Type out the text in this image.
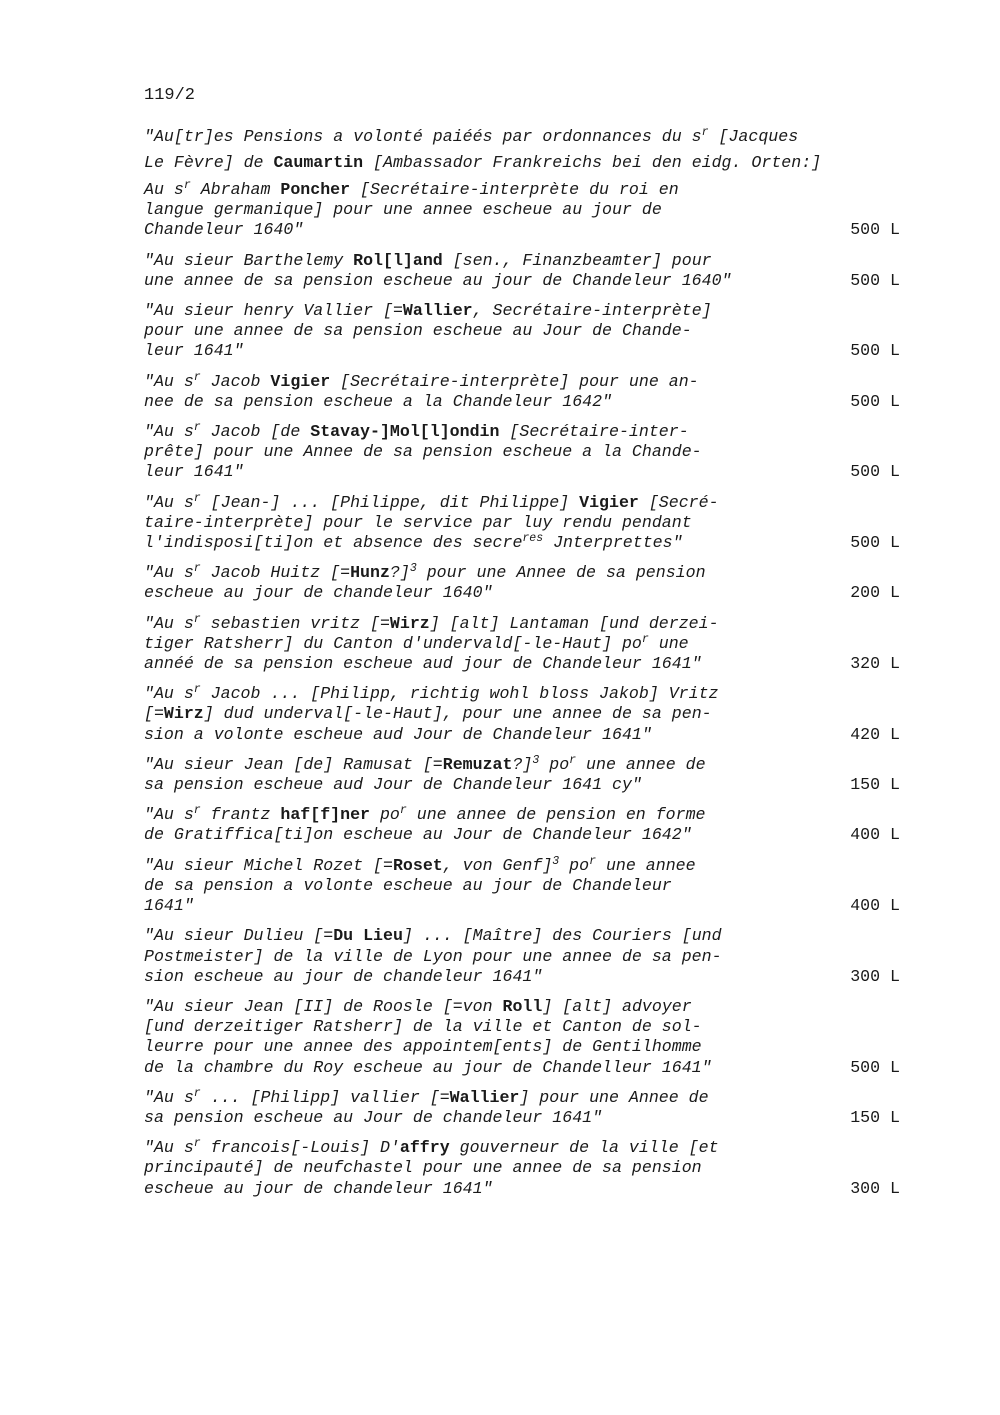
119/2
"Au[tr]es Pensions a volonté paiéés par ordonnances du $s^r$ [Jacques
Le Fèvre] de Caumartin [Ambassador Frankreichs bei den eidg. Orten:]
Au $s^r$ Abraham Poncher [Secrétaire-interprète du roi en
langue germanique] pour une annee escheue au jour de
Chandeleur 1640"	500 L
"Au sieur Barthelemy Rol[l]and [sen., Finanzbeamter] pour
une annee de sa pension escheue au jour de Chandeleur 1640"	500 L
"Au sieur henry Vallier [=Wallier, Secrétaire-interprète]
pour une annee de sa pension escheue au Jour de Chande-
leur 1641"	500 L
"Au $s^r$ Jacob Vigier [Secrétaire-interprète] pour une an-
nee de sa pension escheue a la Chandeleur 1642"	500 L
"Au $s^r$ Jacob [de Stavay-]Mol[l]ondin [Secrétaire-inter-
prête] pour une Annee de sa pension escheue a la Chande-
leur 1641"	500 L
"Au $s^r$ [Jean-] ... [Philippe, dit Philippe] Vigier [Secré-
taire-interprète] pour le service par luy rendu pendant
l'indisposi[ti]on et absence des secre$^{res}$ Jnterprettes"	500 L
"Au $s^r$ Jacob Huitz [=Hunz?]$^3$ pour une Annee de sa pension
escheue au jour de chandeleur 1640"	200 L
"Au $s^r$ sebastien vritz [=Wirz] [alt] Lantaman [und derzei-
tiger Ratsherr] du Canton d'undervald[-le-Haut] $po^r$ une
annéé de sa pension escheue aud jour de Chandeleur 1641"	320 L
"Au $s^r$ Jacob ... [Philipp, richtig wohl bloss Jakob] Vritz
[=Wirz] dud underval[-le-Haut], pour une annee de sa pen-
sion a volonte escheue aud Jour de Chandeleur 1641"	420 L
"Au sieur Jean [de] Ramusat [=Remuzat?]$^3$ $po^r$ une annee de
sa pension escheue aud Jour de Chandeleur 1641 cy"	150 L
"Au $s^r$ frantz haf[f]ner $po^r$ une annee de pension en forme
de Gratiffica[ti]on escheue au Jour de Chandeleur 1642"	400 L
"Au sieur Michel Rozet [=Roset, von Genf]$^3$ $po^r$ une annee
de sa pension a volonte escheue au jour de Chandeleur
1641"	400 L
"Au sieur Dulieu [=Du Lieu] ... [Maître] des Couriers [und
Postmeister] de la ville de Lyon pour une annee de sa pen-
sion escheue au jour de chandeleur 1641"	300 L
"Au sieur Jean [II] de Roosle [=von Roll] [alt] advoyer
[und derzeitiger Ratsherr] de la ville et Canton de sol-
leurre pour une annee des appointem[ents] de Gentilhomme
de la chambre du Roy escheue au jour de Chandelleur 1641"	500 L
"Au $s^r$ ... [Philipp] vallier [=Wallier] pour une Annee de
sa pension escheue au Jour de chandeleur 1641"	150 L
"Au $s^r$ francois[-Louis] D'affry gouverneur de la ville [et
principauté] de neufchastel pour une annee de sa pension
escheue au jour de chandeleur 1641"	300 L
